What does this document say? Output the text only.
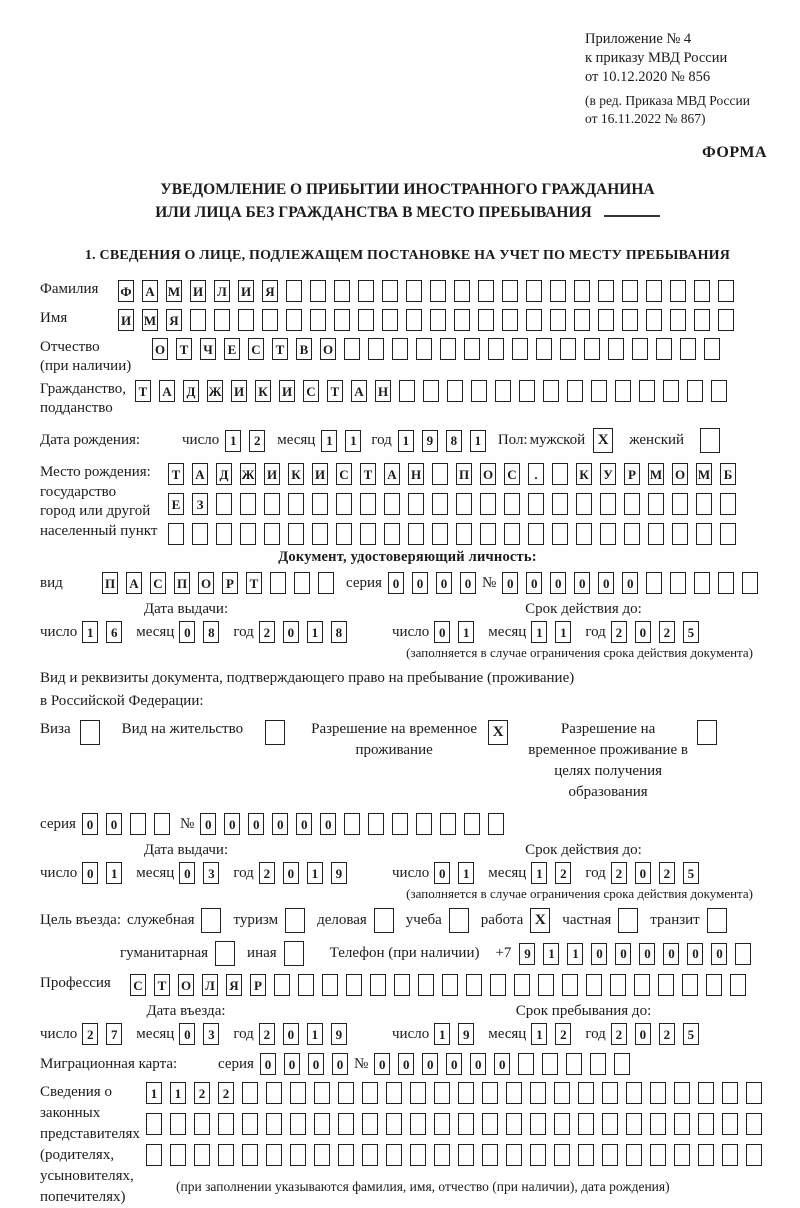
Приложение № 4
к приказу МВД России
от 10.12.2020 № 856
(в ред. Приказа МВД России
от 16.11.2022 № 867)
ФОРМА
УВЕДОМЛЕНИЕ О ПРИБЫТИИ ИНОСТРАННОГО ГРАЖДАНИНА
ИЛИ ЛИЦА БЕЗ ГРАЖДАНСТВА В МЕСТО ПРЕБЫВАНИЯ
1. СВЕДЕНИЯ О ЛИЦЕ, ПОДЛЕЖАЩЕМ ПОСТАНОВКЕ НА УЧЕТ ПО МЕСТУ ПРЕБЫВАНИЯ
Фамилия	Ф А М И Л И Я
Имя	И М Я
Отчество
(при наличии)
О Т Ч Е С Т В О
Гражданство,
подданство
Т А Д Ж И К И С Т А Н
Дата рождения:	число 1	2	месяц 1	1 год 1	9	8	1	Пол: мужской X	женский
Место рождения:
государство
город или другой
населенный пункт
Т А Д Ж И К И С Т А Н	П О С	.	К У	Р	М О М Б
Е	З
Документ, удостоверяющий личность:
вид	П А С П О	Р	Т	серия 0	0	0	0 № 0	0	0	0	0	0
Дата выдачи:
число 1	6	месяц 0	8	год 2	0	1	8
Срок действия до:
число 0	1	месяц 1	1	год 2	0	2	5
(заполняется в случае ограничения срока действия документа)
Вид и реквизиты документа, подтверждающего право на пребывание (проживание)
в Российской Федерации:
Виза	Вид на жительство	Разрешение на временное проживание
X	Разрешение на временное проживание в целях получения образования
серия 0	0	№ 0	0	0	0	0	0
Дата выдачи:
число 0	1	месяц 0	3	год 2	0	1	9
Срок действия до:
число 0	1	месяц 1	2	год 2	0	2	5
(заполняется в случае ограничения срока действия документа)
Цель въезда: служебная	туризм	деловая	учеба	работа X	частная	транзит
гуманитарная	иная	Телефон (при наличии) +7 9	1	1	0	0	0	0	0	0
Профессия	С Т О Л Я	Р
Дата въезда:
число 2	7	месяц 0	3	год 2	0	1	9
Срок пребывания до:
число 1	9	месяц 1	2	год 2	0	2	5
Миграционная карта:	серия 0	0	0	0 № 0	0	0	0	0	0
Сведения о
законных
представителях
(родителях,
усыновителях,
попечителях)
1	1	2	2
(при заполнении указываются фамилия, имя, отчество (при наличии), дата рождения)
